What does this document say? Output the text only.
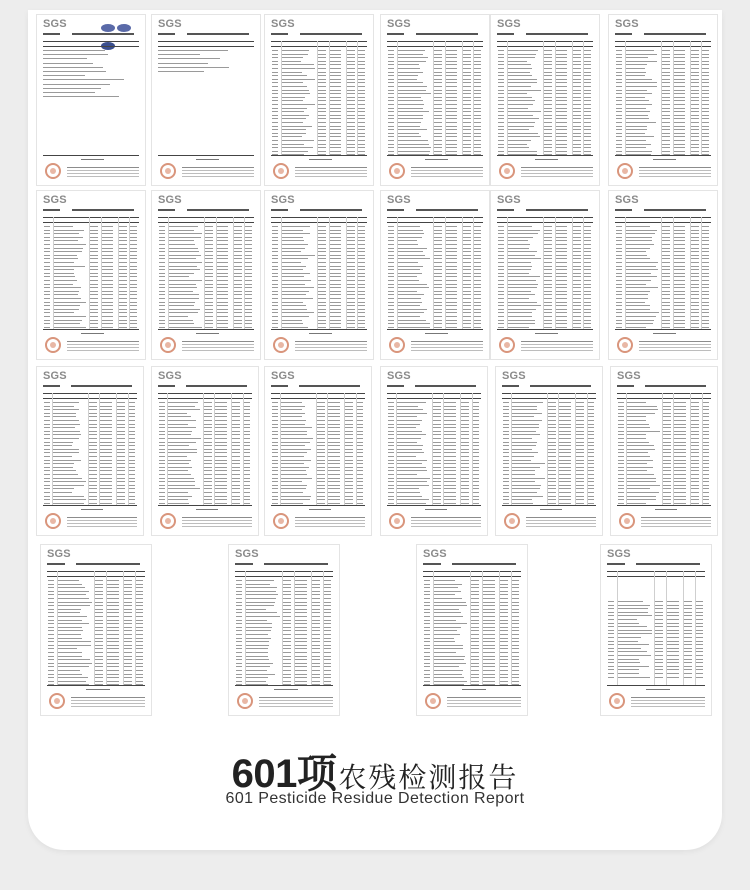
SGS	SGS	SGS	SGS	SGS	SGS
SGS	SGS	SGS	SGS	SGS	SGS
SGS	SGS	SGS	SGS	SGS	SGS
SGS	SGS	SGS	SGS
601项农残检测报告
601 Pesticide Residue Detection Report
